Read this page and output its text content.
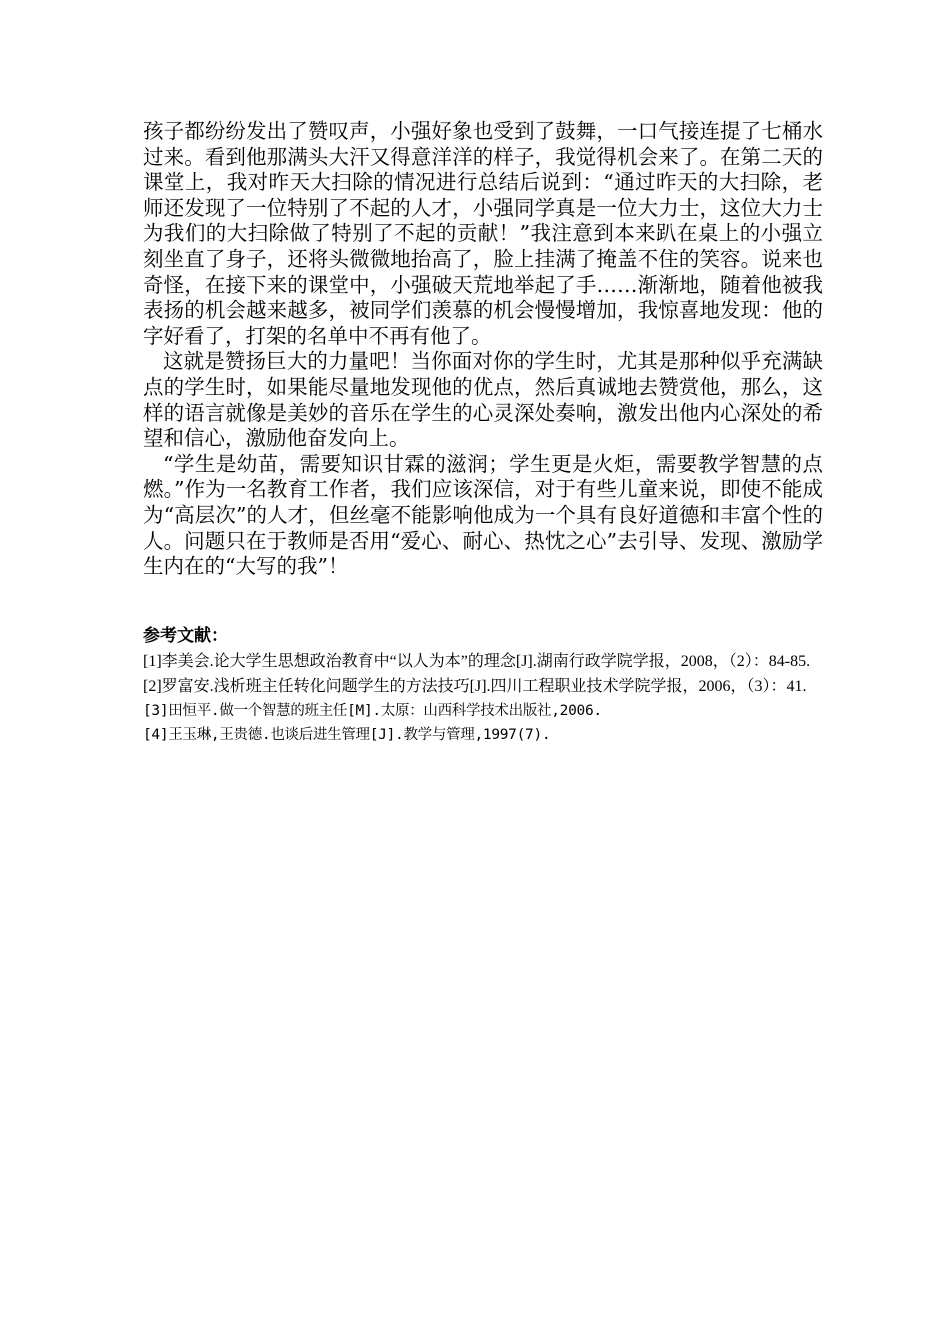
孩子都纷纷发出了赞叹声，小强好象也受到了鼓舞，一口气接连提了七桶水过来。看到他那满头大汗又得意洋洋的样子，我觉得机会来了。在第二天的课堂上，我对昨天大扫除的情况进行总结后说到：“通过昨天的大扫除，老师还发现了一位特别了不起的人才，小强同学真是一位大力士，这位大力士为我们的大扫除做了特别了不起的贡献！”我注意到本来趴在桌上的小强立刻坐直了身子，还将头微微地抬高了，脸上挂满了掩盖不住的笑容。说来也奇怪，在接下来的课堂中，小强破天荒地举起了手……渐渐地，随着他被我表扬的机会越来越多，被同学们羡慕的机会慢慢增加，我惊喜地发现：他的字好看了，打架的名单中不再有他了。

这就是赞扬巨大的力量吧！当你面对你的学生时，尤其是那种似乎充满缺点的学生时，如果能尽量地发现他的优点，然后真诚地去赞赏他，那么，这样的语言就像是美妙的音乐在学生的心灵深处奏响，激发出他内心深处的希望和信心，激励他奋发向上。

“学生是幼苗，需要知识甘霖的滋润；学生更是火炬，需要教学智慧的点燃。”作为一名教育工作者，我们应该深信，对于有些儿童来说，即使不能成为“高层次”的人才，但丝毫不能影响他成为一个具有良好道德和丰富个性的人。问题只在于教师是否用“爱心、耐心、热忱之心”去引导、发现、激励学生内在的“大写的我”！

参考文献：

[1]李美会.论大学生思想政治教育中“以人为本”的理念[J].湖南行政学院学报，2008，（2）：84-85.

[2]罗富安.浅析班主任转化问题学生的方法技巧[J].四川工程职业技术学院学报，2006，（3）：41.

[3]田恒平.做一个智慧的班主任[M].太原：山西科学技术出版社,2006.

[4]王玉琳,王贵德.也谈后进生管理[J].教学与管理,1997(7).
